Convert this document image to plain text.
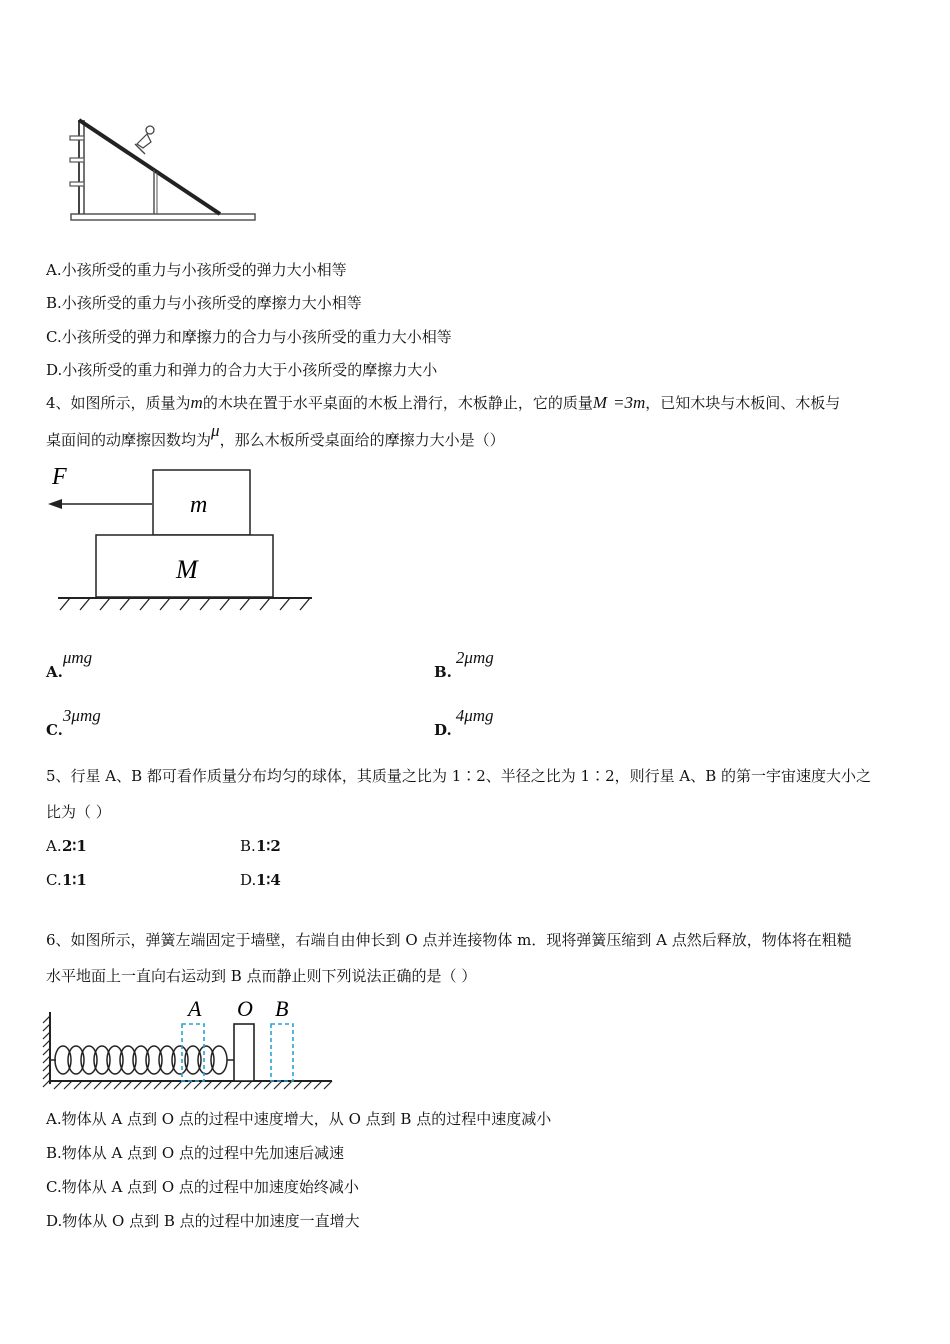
A.小孩所受的重力与小孩所受的弹力大小相等
B.小孩所受的重力与小孩所受的摩擦力大小相等
C.小孩所受的弹力和摩擦力的合力与小孩所受的重力大小相等
D.小孩所受的重力和弹力的合力大于小孩所受的摩擦力大小
4、如图所示，质量为m的木块在置于水平桌面的木板上滑行，木板静止，它的质量M =3m，已知木块与木板间、木板与
桌面间的动摩擦因数均为μ，那么木板所受桌面给的摩擦力大小是（）
F
m
M
A.μmg
B.2μmg
C.3μmg
D.4μmg
5、行星 A、B 都可看作质量分布均匀的球体，其质量之比为 1∶2、半径之比为 1∶2，则行星 A、B 的第一宇宙速度大小之
比为（ ）
A. 2∶1	B. 1∶2
C. 1∶1	D. 1∶4
6、如图所示，弹簧左端固定于墙壁，右端自由伸长到 O 点并连接物体 m．现将弹簧压缩到 A 点然后释放，物体将在粗糙
水平地面上一直向右运动到 B 点而静止则下列说法正确的是（ ）
A O B
A.物体从 A 点到 O 点的过程中速度增大，从 O 点到 B 点的过程中速度减小
B.物体从 A 点到 O 点的过程中先加速后减速
C.物体从 A 点到 O 点的过程中加速度始终减小
D.物体从 O 点到 B 点的过程中加速度一直增大
